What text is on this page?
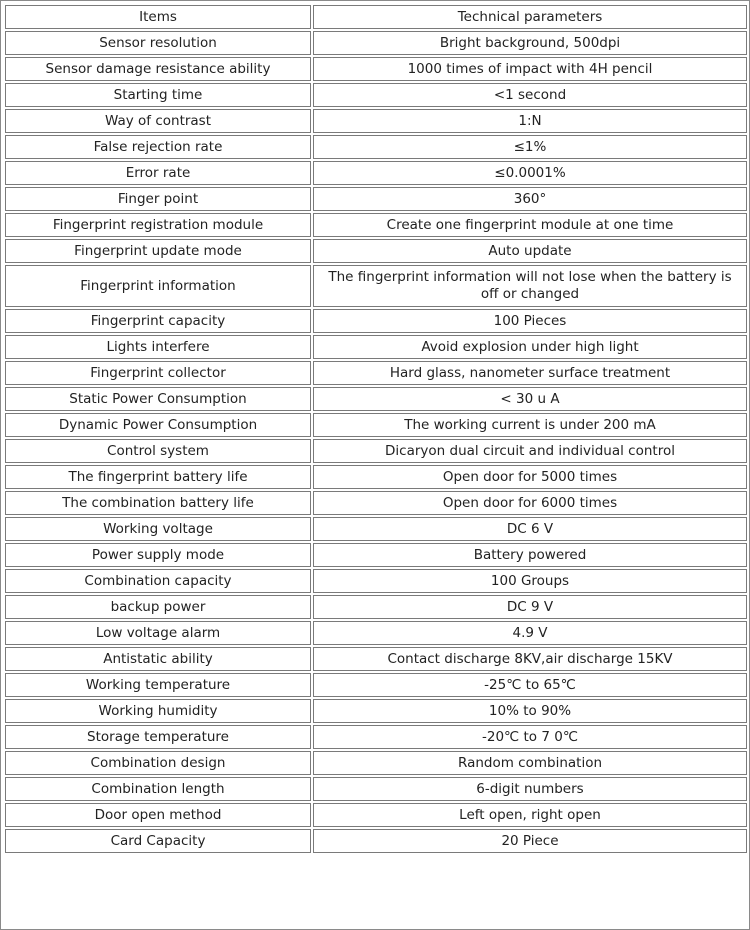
Items	Technical parameters
Sensor resolution	Bright background, 500dpi
Sensor damage resistance ability	1000 times of impact with 4H pencil
Starting time	<1 second
Way of contrast	1:N
False rejection rate	≤1%
Error rate	≤0.0001%
Finger point	360°
Fingerprint registration module	Create one fingerprint module at one time
Fingerprint update mode	Auto update
Fingerprint information	The fingerprint information will not lose when the battery is off or changed
Fingerprint capacity	100 Pieces
Lights interfere	Avoid explosion under high light
Fingerprint collector	Hard glass, nanometer surface treatment
Static Power Consumption	< 30 u A
Dynamic Power Consumption	The working current is under 200 mA
Control system	Dicaryon dual circuit and individual control
The fingerprint battery life	Open door for 5000 times
The combination battery life	Open door for 6000 times
Working voltage	DC 6 V
Power supply mode	Battery powered
Combination capacity	100 Groups
backup power	DC 9 V
Low voltage alarm	4.9 V
Antistatic ability	Contact discharge 8KV,air discharge 15KV
Working temperature	-25℃ to 65℃
Working humidity	10% to 90%
Storage temperature	-20℃ to 7 0℃
Combination design	Random combination
Combination length	6-digit numbers
Door open method	Left open, right open
Card Capacity	20 Piece
